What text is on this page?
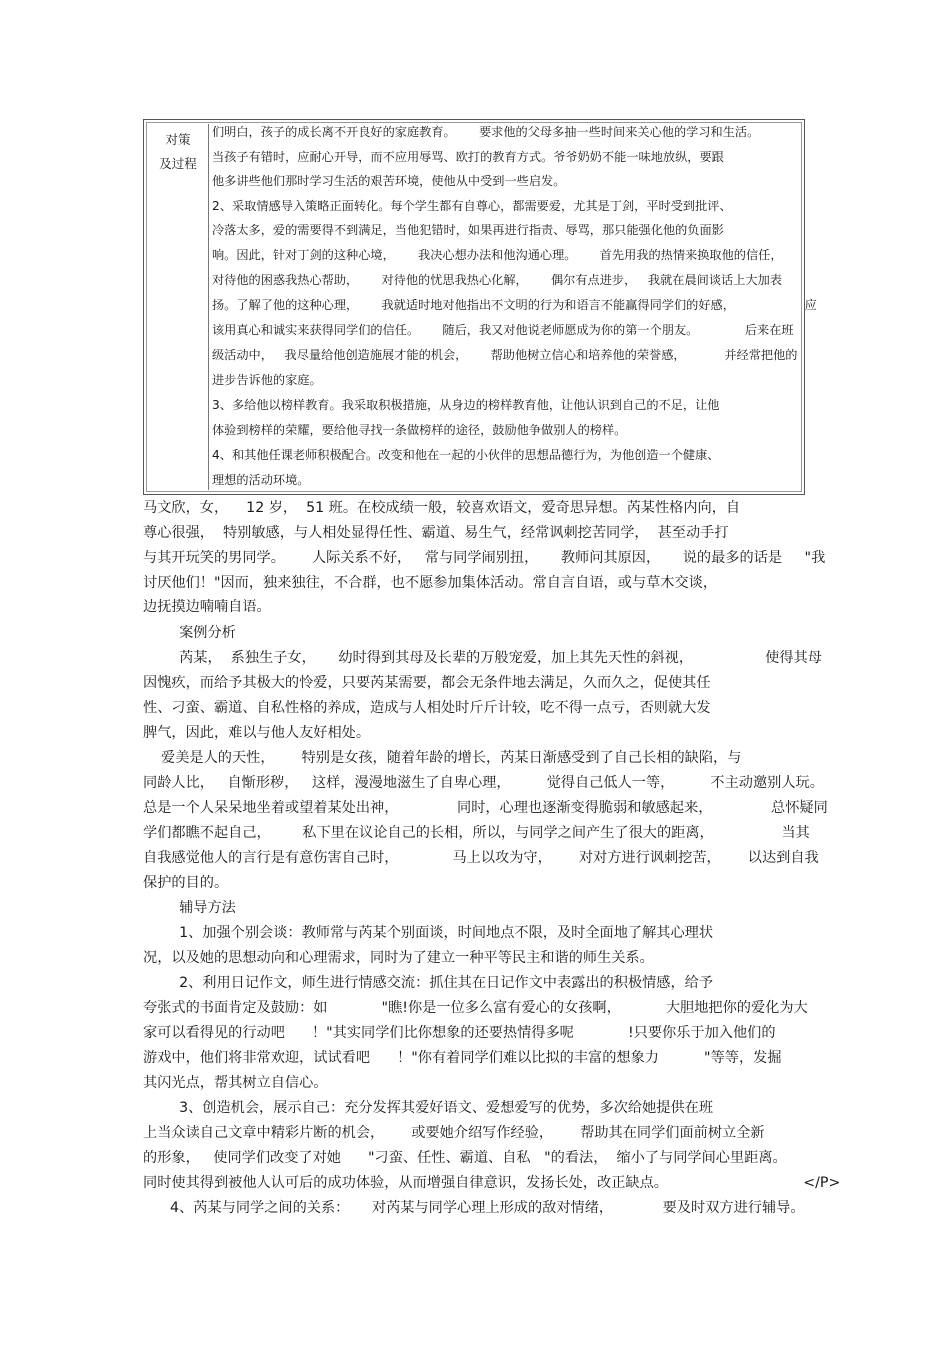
对策
及过程
们明白，孩子的成长离不开良好的家庭教育。      要求他的父母多抽一些时间来关心他的学习和生活。
当孩子有错时，应耐心开导，而不应用辱骂、欧打的教育方式。爷爷奶奶不能一味地放纵，要跟
他多讲些他们那时学习生活的艰苦环境，使他从中受到一些启发。
2、采取情感导入策略正面转化。每个学生都有自尊心，都需要爱，尤其是丁剑，平时受到批评、
冷落太多，爱的需要得不到满足，当他犯错时，如果再进行指责、辱骂，那只能强化他的负面影
响。因此，针对丁剑的这种心境，      我决心想办法和他沟通心理。      首先用我的热情来换取他的信任，
对待他的困惑我热心帮助，      对待他的忧思我热心化解，      偶尔有点进步，   我就在晨间谈话上大加表
扬。了解了他的这种心理，      我就适时地对他指出不文明的行为和语言不能赢得同学们的好感，                  应
该用真心和诚实来获得同学们的信任。      随后，我又对他说老师愿成为你的第一个朋友。            后来在班
级活动中，   我尽量给他创造施展才能的机会，      帮助他树立信心和培养他的荣誉感，          并经常把他的
进步告诉他的家庭。
3、多给他以榜样教育。我采取积极措施，从身边的榜样教育他，让他认识到自己的不足，让他
体验到榜样的荣耀，要给他寻找一条做榜样的途径，鼓励他争做别人的榜样。
4、和其他任课老师积极配合。改变和他在一起的小伙伴的思想品德行为，为他创造一个健康、
理想的活动环境。
马文欣，女，    12 岁，  51 班。在校成绩一般，较喜欢语文，爱奇思异想。芮某性格内向，自
尊心很强，  特别敏感，与人相处显得任性、霸道、易生气，经常讽刺挖苦同学，  甚至动手打
与其开玩笑的男同学。      人际关系不好，   常与同学闹别扭，     教师问其原因，     说的最多的话是     "我
讨厌他们！"因而，独来独往，不合群，也不愿参加集体活动。常自言自语，或与草木交谈，
边抚摸边喃喃自语。
案例分析
芮某，  系独生子女，     幼时得到其母及长辈的万般宠爱，加上其先天性的斜视，                使得其母
因愧疚，而给予其极大的怜爱，只要芮某需要，都会无条件地去满足，久而久之，促使其任
性、刁蛮、霸道、自私性格的养成，造成与人相处时斤斤计较，吃不得一点亏，否则就大发
脾气，因此，难以与他人友好相处。
爱美是人的天性，      特别是女孩，随着年龄的增长，芮某日渐感受到了自己长相的缺陷，与
同龄人比，   自惭形秽，   这样，漫漫地滋生了自卑心理，        觉得自己低人一等，        不主动邀别人玩。
总是一个人呆呆地坐着或望着某处出神，             同时，心理也逐渐变得脆弱和敏感起来，             总怀疑同
学们都瞧不起自己，       私下里在议论自己的长相，所以，与同学之间产生了很大的距离，               当其
自我感觉他人的言行是有意伤害自己时，            马上以攻为守，      对对方进行讽刺挖苦，      以达到自我
保护的目的。
辅导方法
1、加强个别会谈：教师常与芮某个别面谈，时间地点不限，及时全面地了解其心理状
况，以及她的思想动向和心理需求，同时为了建立一种平等民主和谐的师生关系。
2、利用日记作文，师生进行情感交流：抓住其在日记作文中表露出的积极情感，给予
夸张式的书面肯定及鼓励：如            "瞧!你是一位多么富有爱心的女孩啊，          大胆地把你的爱化为大
家可以看得见的行动吧      ！"其实同学们比你想象的还要热情得多呢            !只要你乐于加入他们的
游戏中，他们将非常欢迎，试试看吧      ！"你有着同学们难以比拟的丰富的想象力          "等等，发掘
其闪光点，帮其树立自信心。
3、创造机会，展示自己：充分发挥其爱好语文、爱想爱写的优势，多次给她提供在班
上当众读自己文章中精彩片断的机会，      或要她介绍写作经验，      帮助其在同学们面前树立全新
的形象，   使同学们改变了对她      "刁蛮、任性、霸道、自私   "的看法，  缩小了与同学间心里距离。
同时使其得到被他人认可后的成功体验，从而增强自律意识，发扬长处，改正缺点。                              </P>
4、芮某与同学之间的关系：     对芮某与同学心理上形成的敌对情绪，           要及时双方进行辅导。
